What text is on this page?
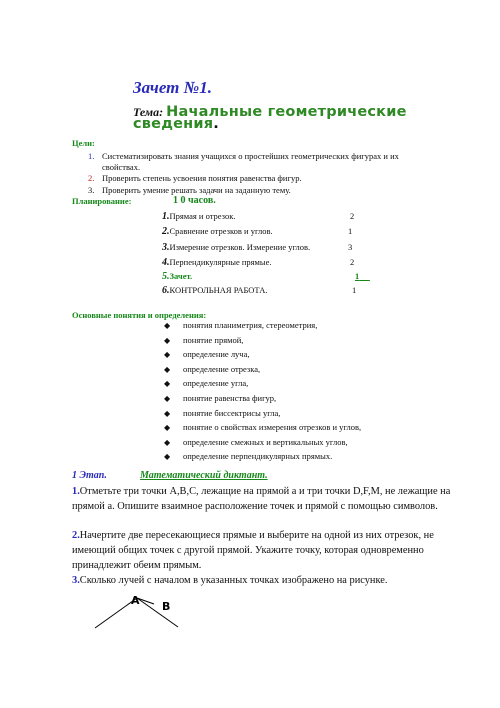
Зачет №1.
Тема: Начальные геометрические
сведения.
Цели:
1. Систематизировать знания учащихся о простейших геометрических фигурах и их
свойствах.
2. Проверить степень усвоения понятия равенства фигур.
3. Проверить умение решать задачи на заданную тему.
Планирование:	1 0 часов.
1.Прямая и отрезок.	2
2.Сравнение отрезков и углов.	1
3.Измерение отрезков. Измерение углов.	3
4.Перпендикулярные прямые.	2
5.Зачет.	1
6.КОНТРОЛЬНАЯ РАБОТА.	1
Основные понятия и определения:
◆ понятия планиметрия, стереометрия,
◆ понятие прямой,
◆ определение луча,
◆ определение отрезка,
◆ определение угла,
◆ понятие равенства фигур,
◆ понятие биссектрисы угла,
◆ понятие о свойствах измерения отрезков и углов,
◆ определение смежных и вертикальных углов,
◆ определение перпендикулярных прямых.
1 Этап.	Математический диктант.
1.Отметьте три точки A,B,C, лежащие на прямой а и три точки D,F,M, не лежащие на прямой а. Опишите взаимное расположение точек и прямой с помощью символов.
2.Начертите две пересекающиеся прямые и выберите на одной из них отрезок, не имеющий общих точек с другой прямой. Укажите точку, которая одновременно принадлежит обеим прямым.
3.Сколько лучей с началом в указанных точках изображено на рисунке.
A B
